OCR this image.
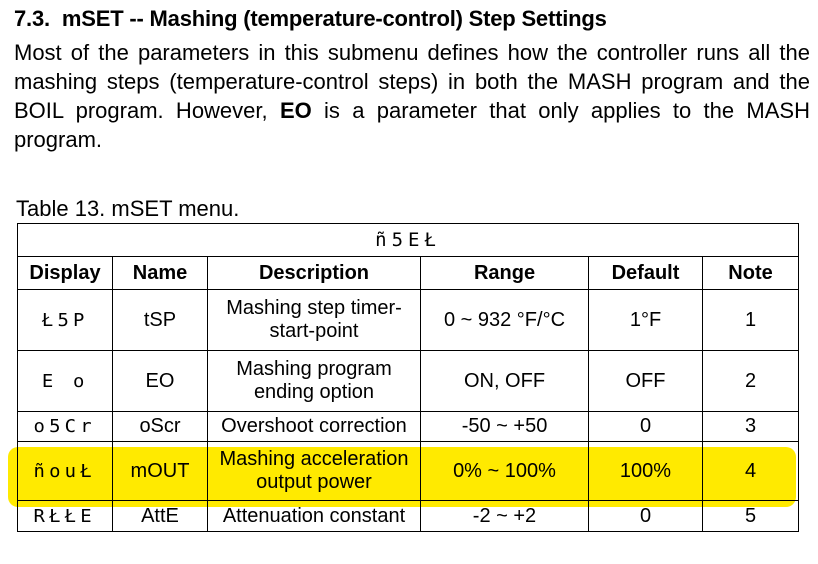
7.3. mSET -- Mashing (temperature-control) Step Settings
Most of the parameters in this submenu defines how the controller runs all the mashing steps (temperature-control steps) in both the MASH program and the BOIL program. However, EO is a parameter that only applies to the MASH program.
Table 13. mSET menu.
ñ5EŁ					
Display	Name	Description	Range	Default	Note
Ł5P	tSP	Mashing step timer-start-point	0 ~ 932 °F/°C	1°F	1
E o	EO	Mashing program ending option	ON, OFF	OFF	2
o5Cr	oScr	Overshoot correction	-50 ~ +50	0	3
ñouŁ	mOUT	Mashing acceleration output power	0% ~ 100%	100%	4
RŁŁE	AttE	Attenuation constant	-2 ~ +2	0	5
